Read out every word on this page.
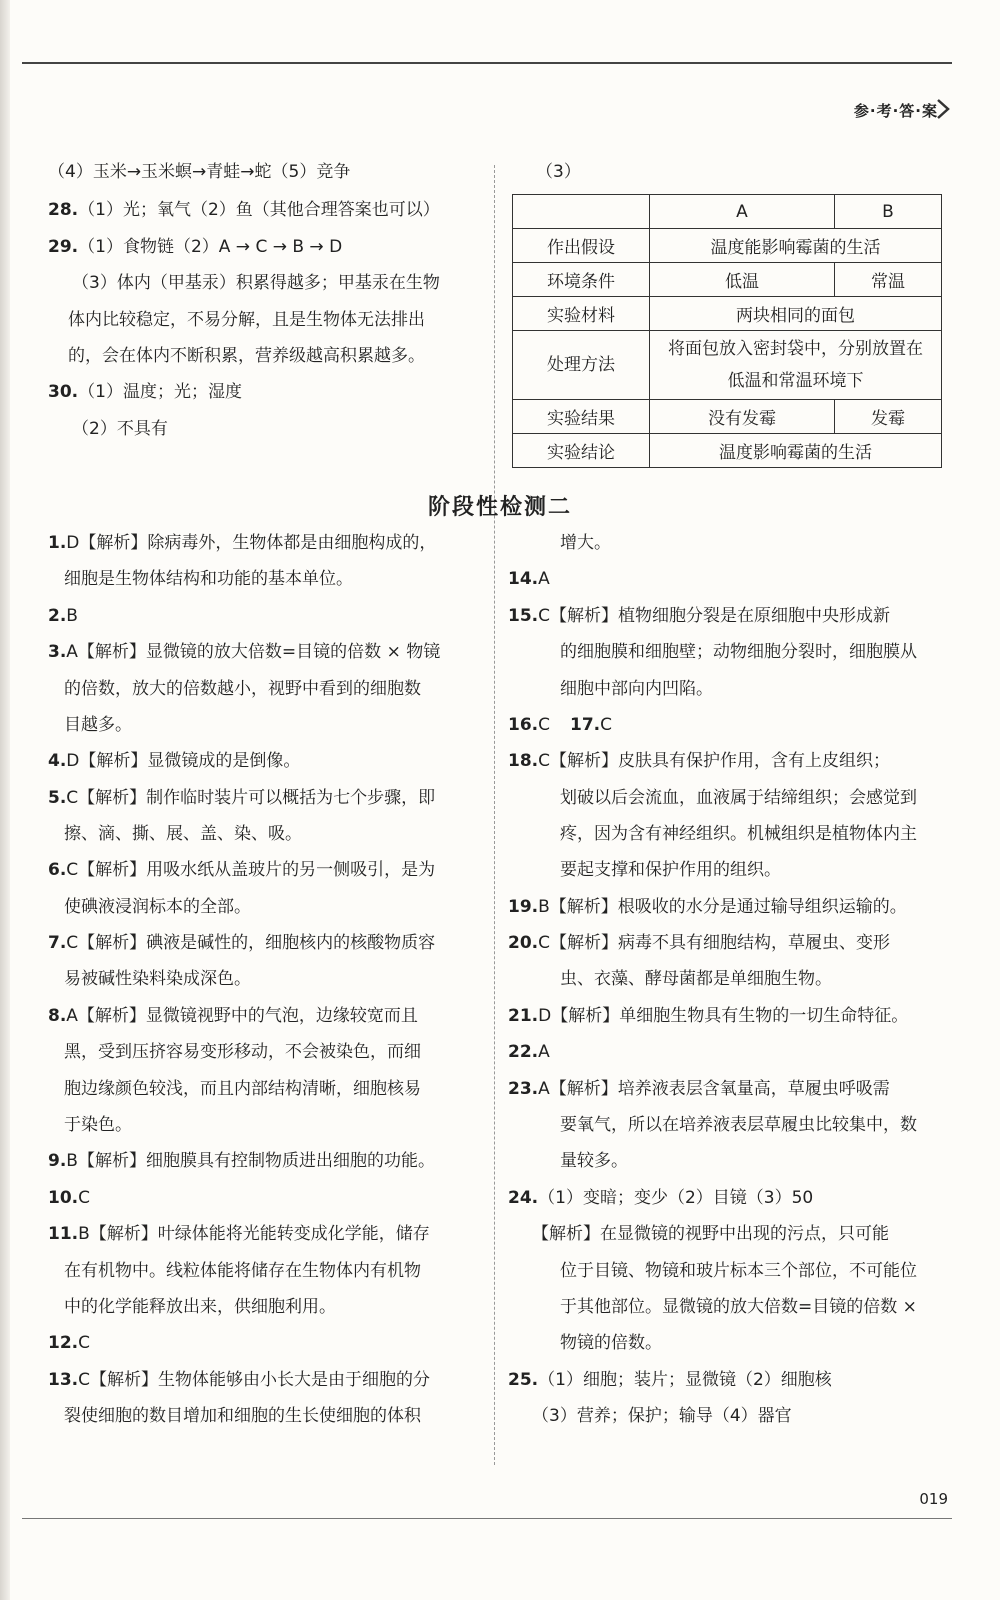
参·考·答·案
（4）玉米→玉米螟→青蛙→蛇（5）竞争
28.（1）光；氧气（2）鱼（其他合理答案也可以）
29.（1）食物链（2）A → C → B → D
（3）体内（甲基汞）积累得越多；甲基汞在生物
体内比较稳定，不易分解，且是生物体无法排出
的，会在体内不断积累，营养级越高积累越多。
30.（1）温度；光；湿度
（2）不具有
（3）
	A	B
作出假设	温度能影响霉菌的生活	
环境条件	低温	常温
实验材料	两块相同的面包	
处理方法	将面包放入密封袋中，分别放置在低温和常温环境下	
实验结果	没有发霉	发霉
实验结论	温度影响霉菌的生活	
阶段性检测二
1.D【解析】除病毒外，生物体都是由细胞构成的，
细胞是生物体结构和功能的基本单位。
2.B
3.A【解析】显微镜的放大倍数=目镜的倍数 × 物镜
的倍数，放大的倍数越小，视野中看到的细胞数
目越多。
4.D【解析】显微镜成的是倒像。
5.C【解析】制作临时装片可以概括为七个步骤，即
擦、滴、撕、展、盖、染、吸。
6.C【解析】用吸水纸从盖玻片的另一侧吸引，是为
使碘液浸润标本的全部。
7.C【解析】碘液是碱性的，细胞核内的核酸物质容
易被碱性染料染成深色。
8.A【解析】显微镜视野中的气泡，边缘较宽而且
黑，受到压挤容易变形移动，不会被染色，而细
胞边缘颜色较浅，而且内部结构清晰，细胞核易
于染色。
9.B【解析】细胞膜具有控制物质进出细胞的功能。
10.C
11.B【解析】叶绿体能将光能转变成化学能，储存
在有机物中。线粒体能将储存在生物体内有机物
中的化学能释放出来，供细胞利用。
12.C
13.C【解析】生物体能够由小长大是由于细胞的分
裂使细胞的数目增加和细胞的生长使细胞的体积
增大。
14.A
15.C【解析】植物细胞分裂是在原细胞中央形成新
的细胞膜和细胞壁；动物细胞分裂时，细胞膜从
细胞中部向内凹陷。
16.C 17.C
18.C【解析】皮肤具有保护作用，含有上皮组织；
划破以后会流血，血液属于结缔组织；会感觉到
疼，因为含有神经组织。机械组织是植物体内主
要起支撑和保护作用的组织。
19.B【解析】根吸收的水分是通过输导组织运输的。
20.C【解析】病毒不具有细胞结构，草履虫、变形
虫、衣藻、酵母菌都是单细胞生物。
21.D【解析】单细胞生物具有生物的一切生命特征。
22.A
23.A【解析】培养液表层含氧量高，草履虫呼吸需
要氧气，所以在培养液表层草履虫比较集中，数
量较多。
24.（1）变暗；变少（2）目镜（3）50
【解析】在显微镜的视野中出现的污点，只可能
位于目镜、物镜和玻片标本三个部位，不可能位
于其他部位。显微镜的放大倍数=目镜的倍数 ×
物镜的倍数。
25.（1）细胞；装片；显微镜（2）细胞核
（3）营养；保护；输导（4）器官
019
